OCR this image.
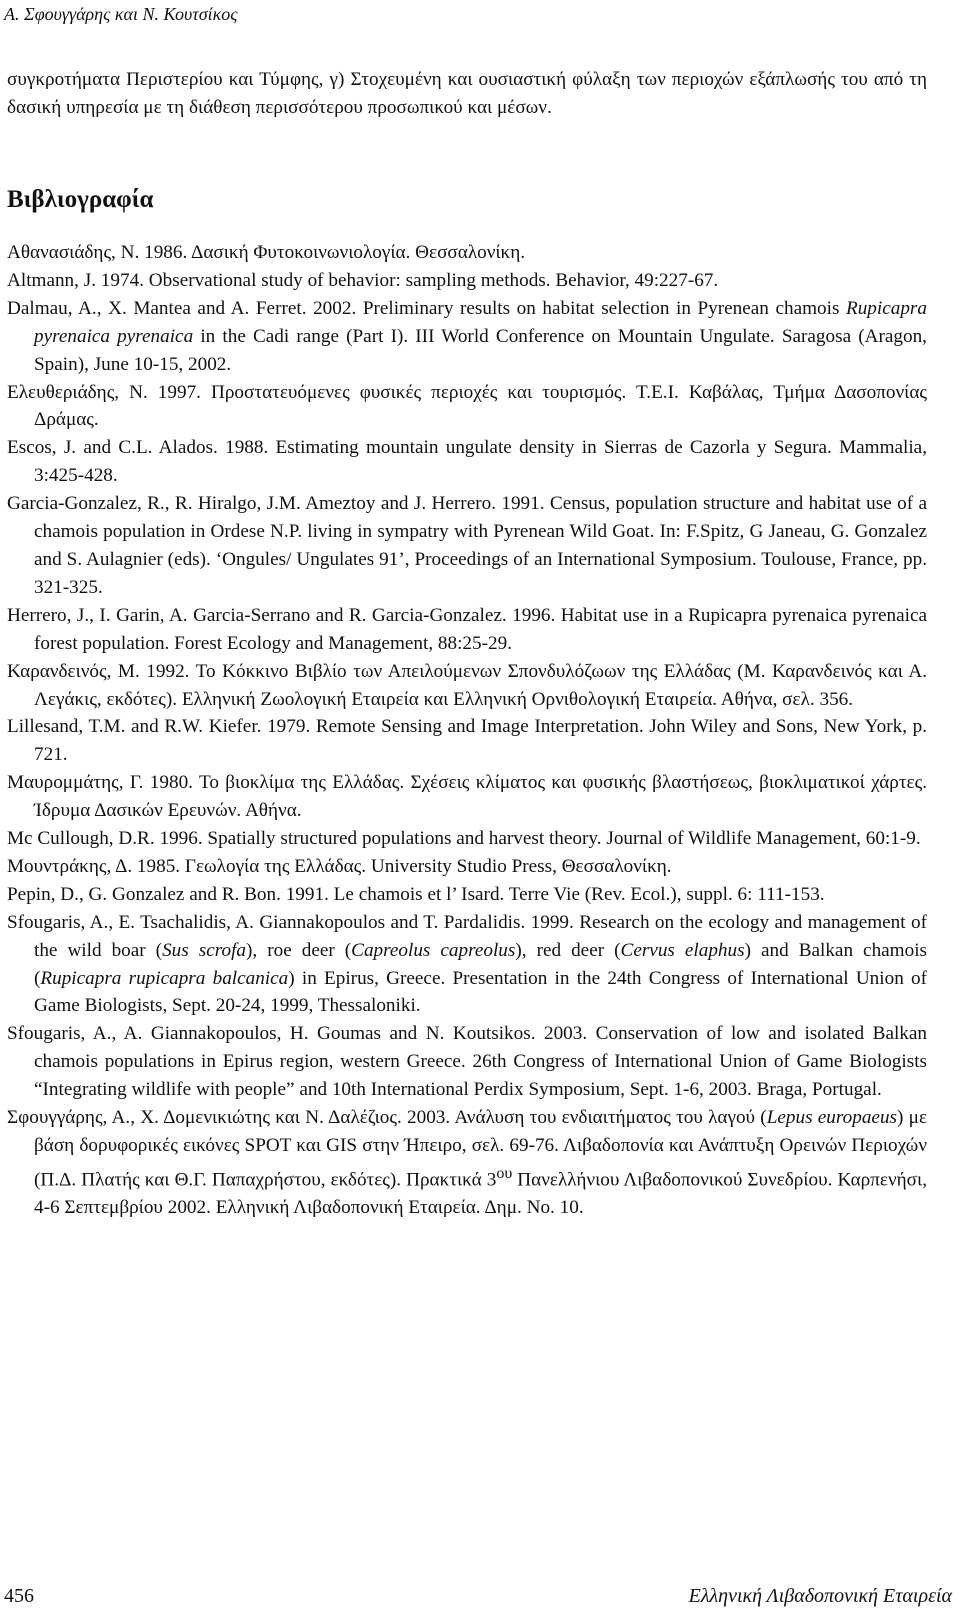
Α. Σφουγγάρης και Ν. Κουτσίκος

συγκροτήματα Περιστερίου και Τύμφης, γ) Στοχευμένη και ουσιαστική φύλαξη των περιοχών εξάπλωσής του από τη δασική υπηρεσία με τη διάθεση περισσότερου προσωπικού και μέσων.

Βιβλιογραφία
Αθανασιάδης, Ν. 1986. Δασική Φυτοκοινωνιολογία. Θεσσαλονίκη.
Altmann, J. 1974. Observational study of behavior: sampling methods. Behavior, 49:227-67.
Dalmau, A., X. Mantea and A. Ferret. 2002. Preliminary results on habitat selection in Pyrenean chamois Rupicapra pyrenaica pyrenaica in the Cadi range (Part I). III World Conference on Mountain Ungulate. Saragosa (Aragon, Spain), June 10-15, 2002.
Ελευθεριάδης, Ν. 1997. Προστατευόμενες φυσικές περιοχές και τουρισμός. Τ.Ε.Ι. Καβάλας, Τμήμα Δασοπονίας Δράμας.
Escos, J. and C.L. Alados. 1988. Estimating mountain ungulate density in Sierras de Cazorla y Segura. Mammalia, 3:425-428.
Garcia-Gonzalez, R., R. Hiralgo, J.M. Ameztoy and J. Herrero. 1991. Census, population structure and habitat use of a chamois population in Ordese N.P. living in sympatry with Pyrenean Wild Goat. In: F.Spitz, G Janeau, G. Gonzalez and S. Aulagnier (eds). ‘Ongules/ Ungulates 91’, Proceedings of an International Symposium. Toulouse, France, pp. 321-325.
Herrero, J., I. Garin, A. Garcia-Serrano and R. Garcia-Gonzalez. 1996. Habitat use in a Rupicapra pyrenaica pyrenaica forest population. Forest Ecology and Management, 88:25-29.
Καρανδεινός, Μ. 1992. Το Κόκκινο Βιβλίο των Απειλούμενων Σπονδυλόζωων της Ελλάδας (Μ. Καρανδεινός και Α. Λεγάκις, εκδότες). Ελληνική Ζωολογική Εταιρεία και Ελληνική Ορνιθολογική Εταιρεία. Αθήνα, σελ. 356.
Lillesand, T.M. and R.W. Kiefer. 1979. Remote Sensing and Image Interpretation. John Wiley and Sons, New York, p. 721.
Μαυρομμάτης, Γ. 1980. Το βιοκλίμα της Ελλάδας. Σχέσεις κλίματος και φυσικής βλαστήσεως, βιοκλιματικοί χάρτες. Ίδρυμα Δασικών Ερευνών. Αθήνα.
Mc Cullough, D.R. 1996. Spatially structured populations and harvest theory. Journal of Wildlife Management, 60:1-9.
Μουντράκης, Δ. 1985. Γεωλογία της Ελλάδας. University Studio Press, Θεσσαλονίκη.
Pepin, D., G. Gonzalez and R. Bon. 1991. Le chamois et l’ Isard. Terre Vie (Rev. Ecol.), suppl. 6: 111-153.
Sfougaris, A., E. Tsachalidis, A. Giannakopoulos and T. Pardalidis. 1999. Research on the ecology and management of the wild boar (Sus scrofa), roe deer (Capreolus capreolus), red deer (Cervus elaphus) and Balkan chamois (Rupicapra rupicapra balcanica) in Epirus, Greece. Presentation in the 24th Congress of International Union of Game Biologists, Sept. 20-24, 1999, Thessaloniki.
Sfougaris, A., A. Giannakopoulos, H. Goumas and N. Koutsikos. 2003. Conservation of low and isolated Balkan chamois populations in Epirus region, western Greece. 26th Congress of International Union of Game Biologists “Integrating wildlife with people” and 10th International Perdix Symposium, Sept. 1-6, 2003. Braga, Portugal.
Σφουγγάρης, Α., Χ. Δομενικιώτης και Ν. Δαλέζιος. 2003. Ανάλυση του ενδιαιτήματος του λαγού (Lepus europaeus) με βάση δορυφορικές εικόνες SPOT και GIS στην Ήπειρο, σελ. 69-76. Λιβαδοπονία και Ανάπτυξη Ορεινών Περιοχών (Π.Δ. Πλατής και Θ.Γ. Παπαχρήστου, εκδότες). Πρακτικά $3^{o\upsilon}$ Πανελλήνιου Λιβαδοπονικού Συνεδρίου. Καρπενήσι, 4-6 Σεπτεμβρίου 2002. Ελληνική Λιβαδοπονική Εταιρεία. Δημ. Νο. 10.
456	Ελληνική Λιβαδοπονική Εταιρεία
